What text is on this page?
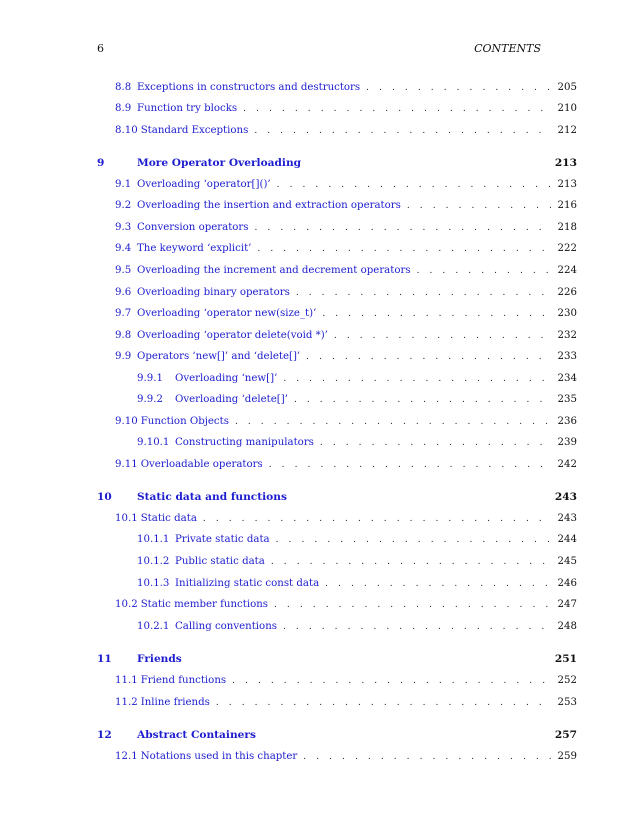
6	CONTENTS
8.8 Exceptions in constructors and destructors . . .	205
8.9 Function try blocks . . .	210
8.10 Standard Exceptions . . .	212
9	More Operator Overloading	213
9.1 Overloading ‘operator[]()’ . . .	213
9.2 Overloading the insertion and extraction operators . . .	216
9.3 Conversion operators . . .	218
9.4 The keyword ‘explicit’ . . .	222
9.5 Overloading the increment and decrement operators . . .	224
9.6 Overloading binary operators . . .	226
9.7 Overloading ‘operator new(size_t)’ . . .	230
9.8 Overloading ‘operator delete(void *)’ . . .	232
9.9 Operators ‘new[]’ and ‘delete[]’ . . .	233
9.9.1 Overloading ‘new[]’ . . .	234
9.9.2 Overloading ‘delete[]’ . . .	235
9.10 Function Objects . . .	236
9.10.1 Constructing manipulators . . .	239
9.11 Overloadable operators . . .	242
10 Static data and functions	243
10.1 Static data . . .	243
10.1.1 Private static data . . .	244
10.1.2 Public static data . . .	245
10.1.3 Initializing static const data . . .	246
10.2 Static member functions . . .	247
10.2.1 Calling conventions . . .	248
11 Friends	251
11.1 Friend functions . . .	252
11.2 Inline friends . . .	253
12 Abstract Containers	257
12.1 Notations used in this chapter . . .	259
